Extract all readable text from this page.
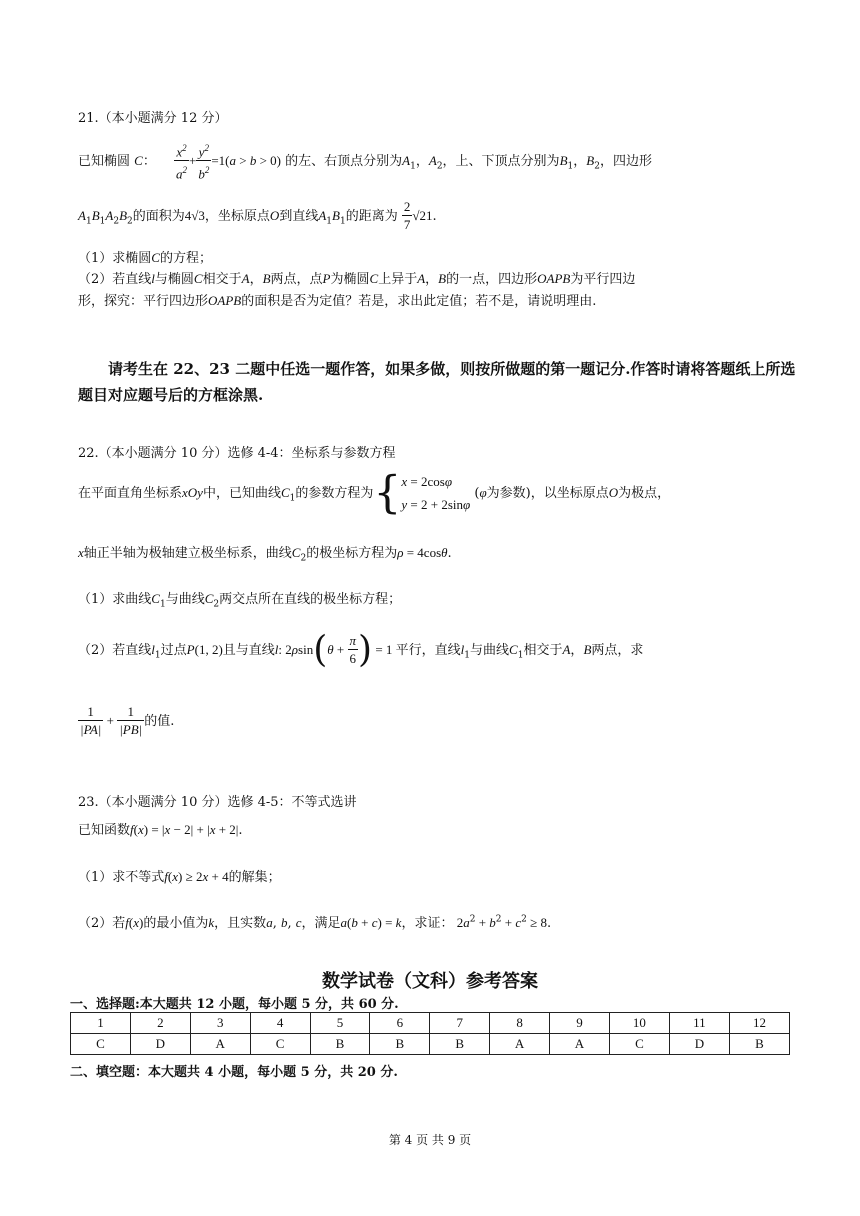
21.（本小题满分 12 分）
已知椭圆 C： $\frac{x^2}{a^2} + \frac{y^2}{b^2} =1(a > b > 0)$ 的左、右顶点分别为$A_1$，$A_2$，上、下顶点分别为$B_1$，$B_2$，四边形
$A_1B_1A_2B_2$的面积为4√3，坐标原点O到直线$A_1B_1$的距离为 $\frac{2}{7} √21$.
（1）求椭圆C的方程；
（2）若直线l与椭圆C相交于A，B两点，点P为椭圆C上异于A，B的一点，四边形OAPB为平行四边
形，探究：平行四边形OAPB的面积是否为定值？若是，求出此定值；若不是，请说明理由.
请考生在 22、23 二题中任选一题作答，如果多做，则按所做题的第一题记分.作答时请将答题纸上所选题目对应题号后的方框涂黑.
22.（本小题满分 10 分）选修 4-4：坐标系与参数方程
在平面直角坐标系xOy中，已知曲线$C_1$的参数方程为{ x = 2cosφ
y = 2 + 2sinφ
(φ为参数)，以坐标原点O为极点，
x轴正半轴为极轴建立极坐标系，曲线$C_2$的极坐标方程为ρ = 4cosθ.
（1）求曲线$C_1$与曲线$C_2$两交点所在直线的极坐标方程；
（2）若直线$l_1$过点P(1, 2)且与直线l: $2\rho\sin(\theta + \frac{\pi}{6}$ ) = 1 平行，直线$l_1$与曲线$C_1$相交于A，B两点，求
$\frac{1}{|PA|} + \frac{1}{|PB|}$ 的值.
23.（本小题满分 10 分）选修 4-5：不等式选讲
已知函数f(x) = |x − 2| + |x + 2|.
（1）求不等式f(x) ≥ 2x + 4的解集；
（2）若f(x)的最小值为k，且实数a, b, c，满足a(b + c) = k，求证： $2a^2 + b^2 + c^2 \ge 8$.
数学试卷（文科）参考答案
一、选择题:本大题共 12 小题，每小题 5 分，共 60 分.
1	2	3	4	5	6	7	8	9	10	11	12
C	D	A	C	B	B	B	A	A	C	D	B
二、填空题：本大题共 4 小题，每小题 5 分，共 20 分.
第 4 页 共 9 页
